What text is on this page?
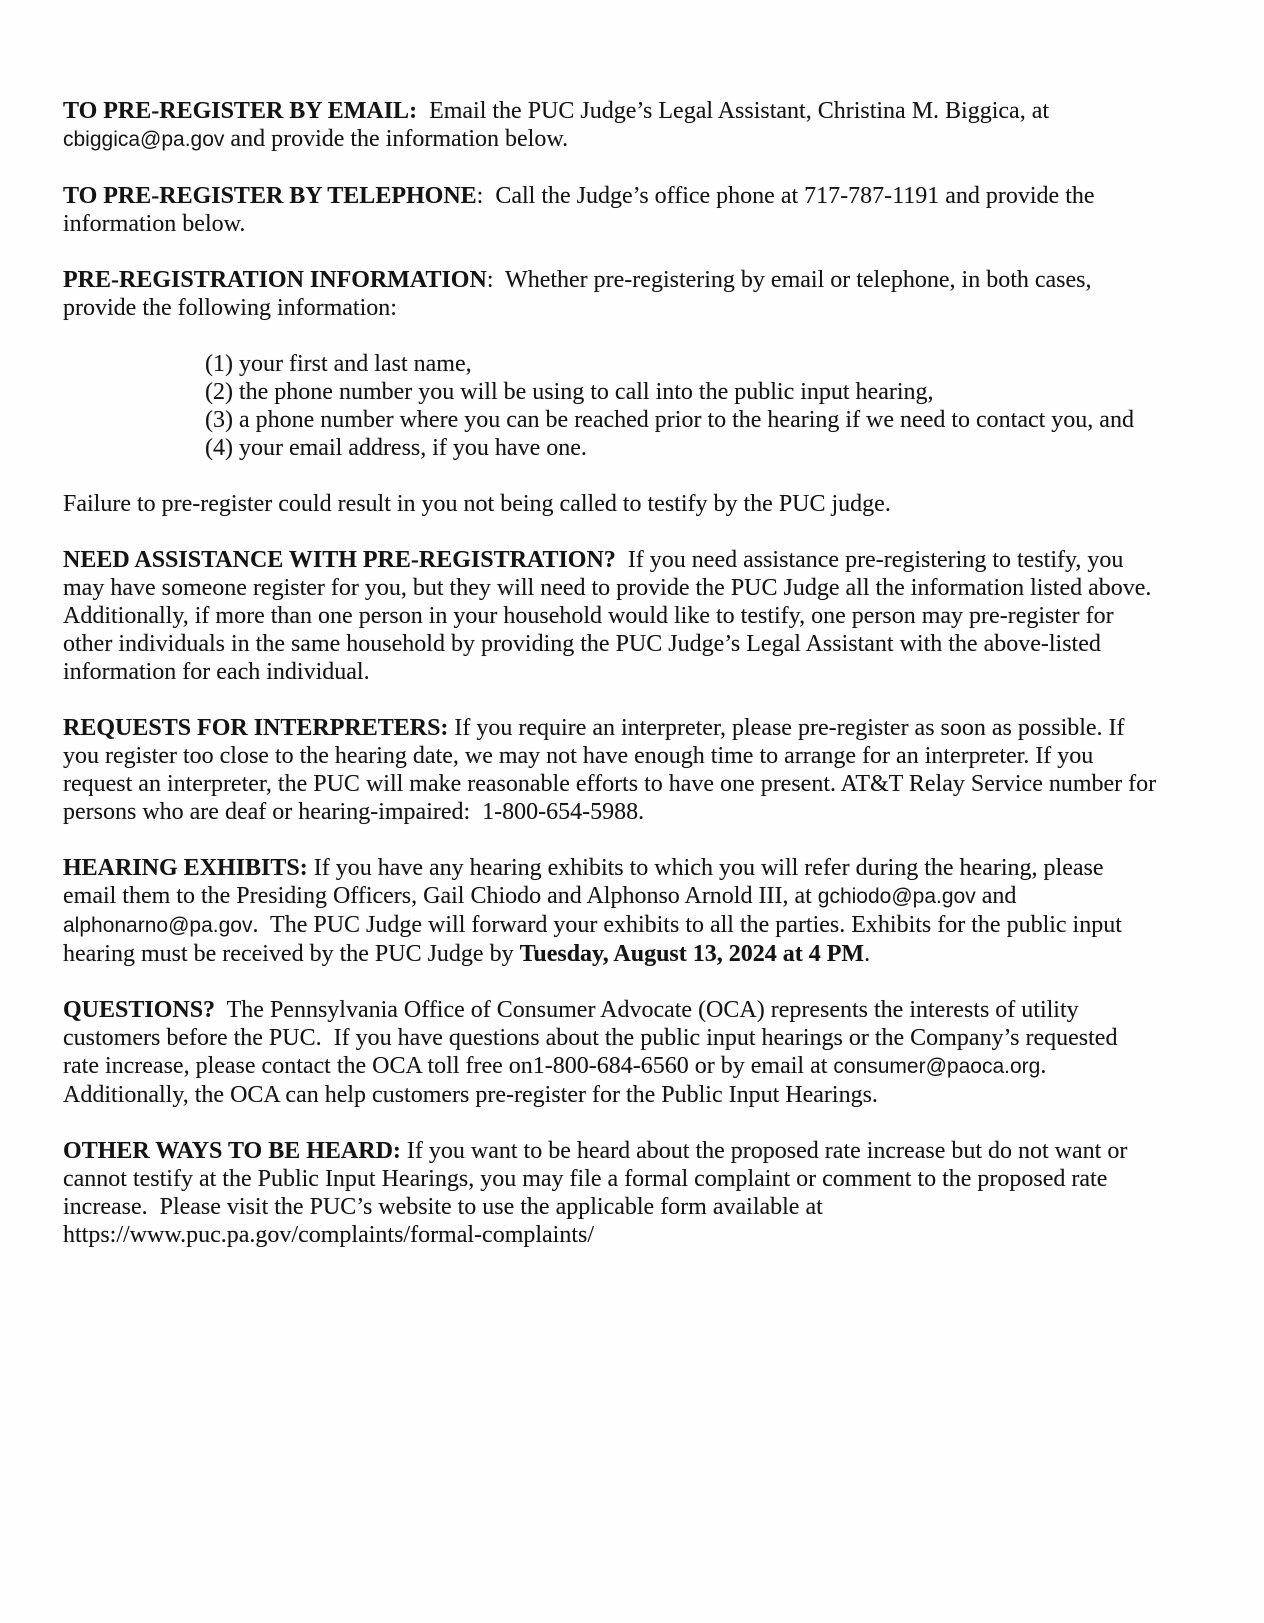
TO PRE-REGISTER BY EMAIL:  Email the PUC Judge’s Legal Assistant, Christina M. Biggica, at cbiggica@pa.gov and provide the information below.

TO PRE-REGISTER BY TELEPHONE:  Call the Judge’s office phone at 717-787-1191 and provide the information below.

PRE-REGISTRATION INFORMATION:  Whether pre-registering by email or telephone, in both cases, provide the following information:

(1) your first and last name,

(2) the phone number you will be using to call into the public input hearing,

(3) a phone number where you can be reached prior to the hearing if we need to contact you, and

(4) your email address, if you have one.

Failure to pre-register could result in you not being called to testify by the PUC judge.

NEED ASSISTANCE WITH PRE-REGISTRATION?  If you need assistance pre-registering to testify, you may have someone register for you, but they will need to provide the PUC Judge all the information listed above. Additionally, if more than one person in your household would like to testify, one person may pre-register for other individuals in the same household by providing the PUC Judge’s Legal Assistant with the above-listed information for each individual.

REQUESTS FOR INTERPRETERS: If you require an interpreter, please pre-register as soon as possible. If you register too close to the hearing date, we may not have enough time to arrange for an interpreter. If you request an interpreter, the PUC will make reasonable efforts to have one present. AT&T Relay Service number for persons who are deaf or hearing-impaired:  1-800-654-5988.

HEARING EXHIBITS: If you have any hearing exhibits to which you will refer during the hearing, please email them to the Presiding Officers, Gail Chiodo and Alphonso Arnold III, at gchiodo@pa.gov and alphonarno@pa.gov.  The PUC Judge will forward your exhibits to all the parties. Exhibits for the public input hearing must be received by the PUC Judge by Tuesday, August 13, 2024 at 4 PM.

QUESTIONS?  The Pennsylvania Office of Consumer Advocate (OCA) represents the interests of utility customers before the PUC.  If you have questions about the public input hearings or the Company’s requested rate increase, please contact the OCA toll free on1-800-684-6560 or by email at consumer@paoca.org. Additionally, the OCA can help customers pre-register for the Public Input Hearings.

OTHER WAYS TO BE HEARD: If you want to be heard about the proposed rate increase but do not want or cannot testify at the Public Input Hearings, you may file a formal complaint or comment to the proposed rate increase.  Please visit the PUC’s website to use the applicable form available at https://www.puc.pa.gov/complaints/formal-complaints/
